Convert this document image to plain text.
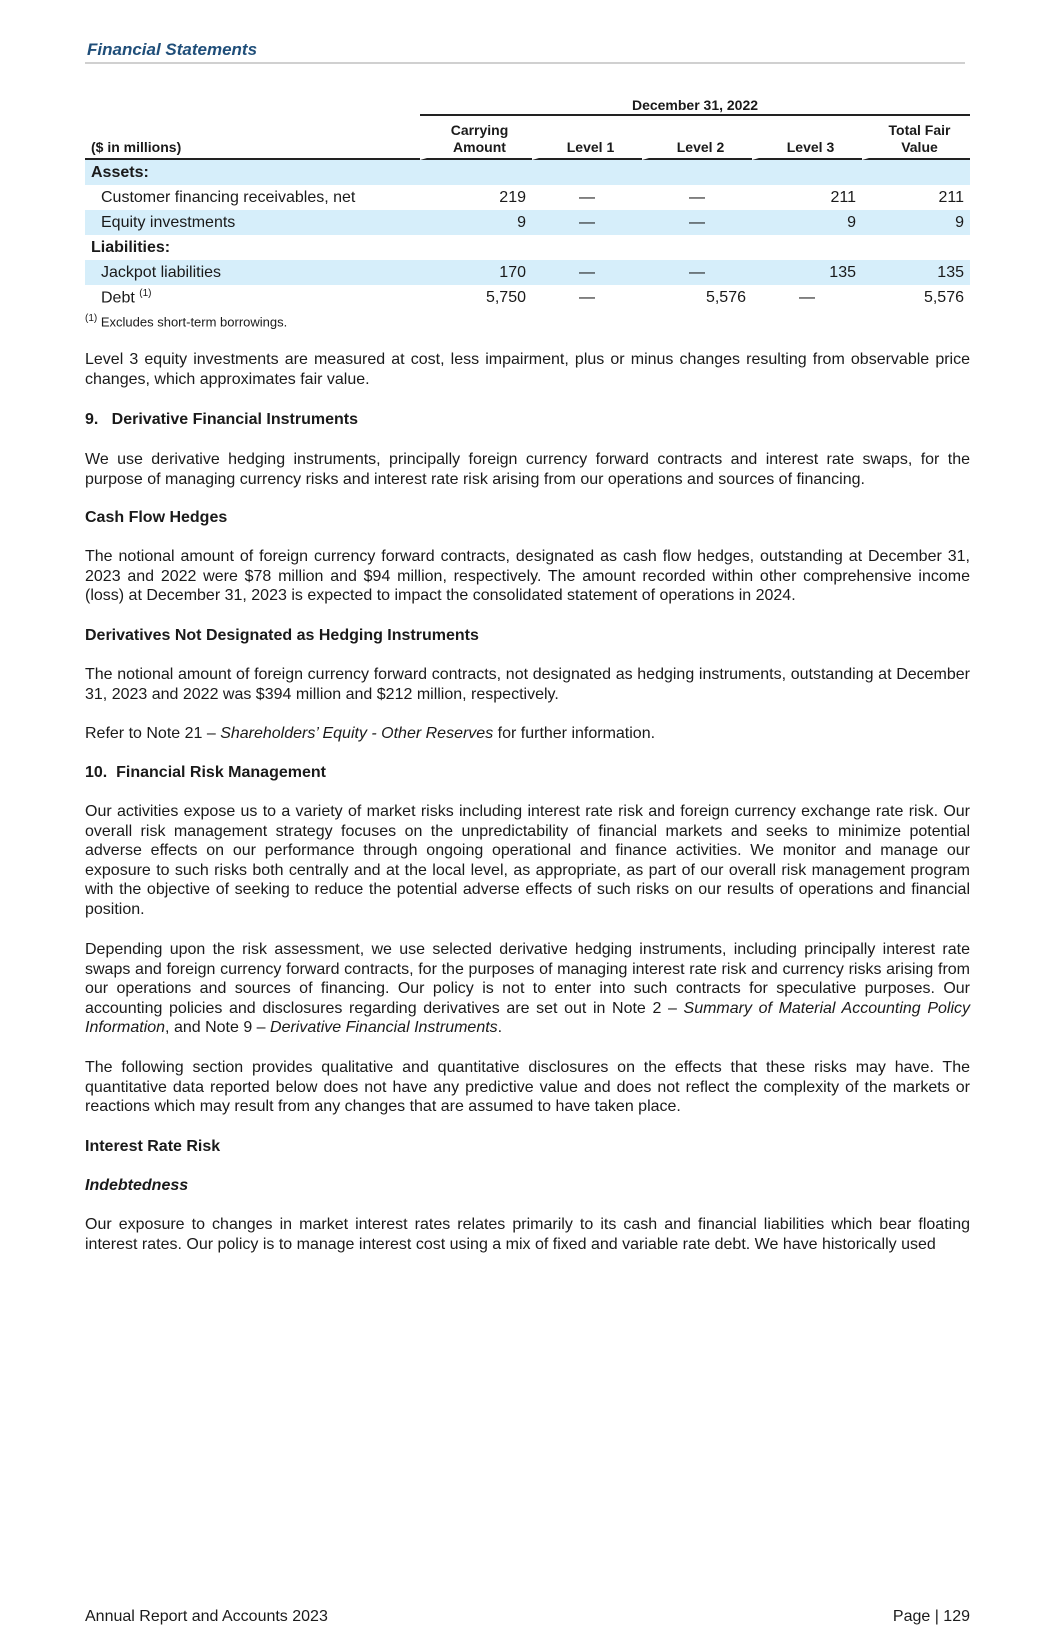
Financial Statements
	December 31, 2022				
($ in millions)	Carrying Amount	Level 1	Level 2	Level 3	Total Fair Value
Assets:					
Customer financing receivables, net	219	—	—	211	211
Equity investments	9	—	—	9	9
Liabilities:					
Jackpot liabilities	170	—	—	135	135
Debt $^{(1)}$	5,750	—	5,576	—	5,576
$^{(1)}$ Excludes short-term borrowings.
Level 3 equity investments are measured at cost, less impairment, plus or minus changes resulting from observable price changes, which approximates fair value.
9.   Derivative Financial Instruments
We use derivative hedging instruments, principally foreign currency forward contracts and interest rate swaps, for the purpose of managing currency risks and interest rate risk arising from our operations and sources of financing.
Cash Flow Hedges
The notional amount of foreign currency forward contracts, designated as cash flow hedges, outstanding at December 31, 2023 and 2022 were $78 million and $94 million, respectively. The amount recorded within other comprehensive income (loss) at December 31, 2023 is expected to impact the consolidated statement of operations in 2024.
Derivatives Not Designated as Hedging Instruments
The notional amount of foreign currency forward contracts, not designated as hedging instruments, outstanding at December 31, 2023 and 2022 was $394 million and $212 million, respectively.
Refer to Note 21 – Shareholders’ Equity - Other Reserves for further information.
10.  Financial Risk Management
Our activities expose us to a variety of market risks including interest rate risk and foreign currency exchange rate risk. Our overall risk management strategy focuses on the unpredictability of financial markets and seeks to minimize potential adverse effects on our performance through ongoing operational and finance activities. We monitor and manage our exposure to such risks both centrally and at the local level, as appropriate, as part of our overall risk management program with the objective of seeking to reduce the potential adverse effects of such risks on our results of operations and financial position.
Depending upon the risk assessment, we use selected derivative hedging instruments, including principally interest rate swaps and foreign currency forward contracts, for the purposes of managing interest rate risk and currency risks arising from our operations and sources of financing. Our policy is not to enter into such contracts for speculative purposes. Our accounting policies and disclosures regarding derivatives are set out in Note 2 – Summary of Material Accounting Policy Information, and Note 9 – Derivative Financial Instruments.
The following section provides qualitative and quantitative disclosures on the effects that these risks may have. The quantitative data reported below does not have any predictive value and does not reflect the complexity of the markets or reactions which may result from any changes that are assumed to have taken place.
Interest Rate Risk
Indebtedness
Our exposure to changes in market interest rates relates primarily to its cash and financial liabilities which bear floating interest rates. Our policy is to manage interest cost using a mix of fixed and variable rate debt. We have historically used
Annual Report and Accounts 2023	Page | 129
